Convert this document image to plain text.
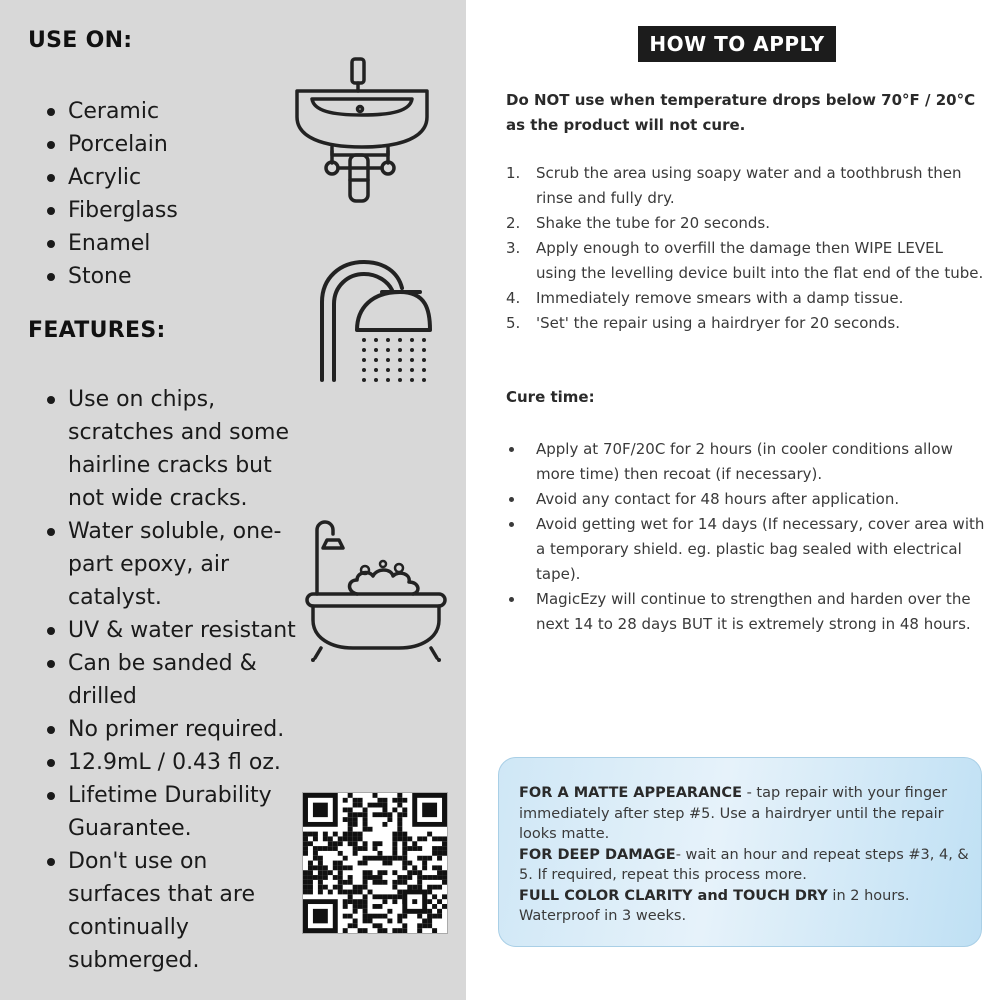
USE ON:
Ceramic
Porcelain
Acrylic
Fiberglass
Enamel
Stone
FEATURES:
Use on chips, scratches and some hairline cracks but not wide cracks.
Water soluble, one-part epoxy, air catalyst.
UV & water resistant
Can be sanded & drilled
No primer required.
12.9mL / 0.43 fl oz.
Lifetime Durability Guarantee.
Don't use on surfaces that are continually submerged.
HOW TO APPLY
Do NOT use when temperature drops below 70°F / 20°C as the product will not cure.
1. Scrub the area using soapy water and a toothbrush then rinse and fully dry.
2. Shake the tube for 20 seconds.
3. Apply enough to overfill the damage then WIPE LEVEL using the levelling device built into the flat end of the tube.
4. Immediately remove smears with a damp tissue.
5. 'Set' the repair using a hairdryer for 20 seconds.
Cure time:
Apply at 70F/20C for 2 hours (in cooler conditions allow more time) then recoat (if necessary).
Avoid any contact for 48 hours after application.
Avoid getting wet for 14 days (If necessary, cover area with a temporary shield. eg. plastic bag sealed with electrical tape).
MagicEzy will continue to strengthen and harden over the next 14 to 28 days BUT it is extremely strong in 48 hours.
FOR A MATTE APPEARANCE - tap repair with your finger immediately after step #5. Use a hairdryer until the repair looks matte.
FOR DEEP DAMAGE- wait an hour and repeat steps #3, 4, & 5. If required, repeat this process more.
FULL COLOR CLARITY and TOUCH DRY in 2 hours.
Waterproof in 3 weeks.
